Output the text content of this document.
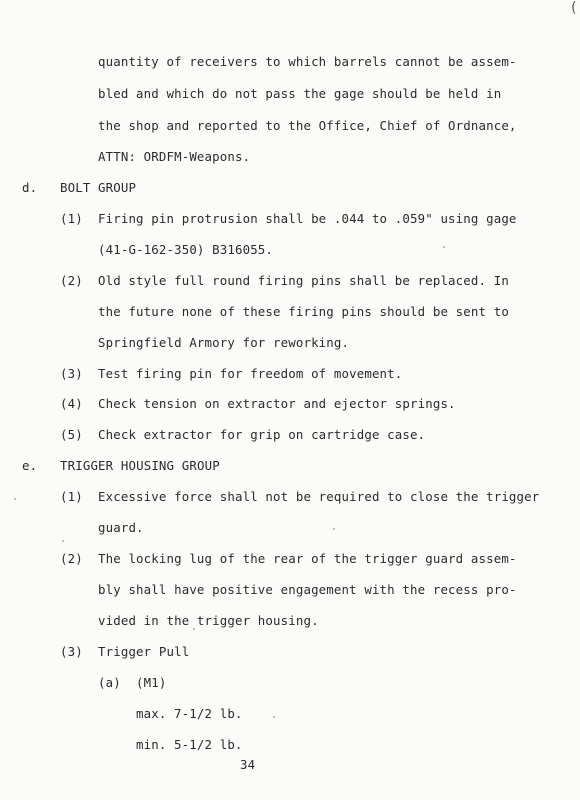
(
quantity of receivers to which barrels cannot be assem-
bled and which do not pass the gage should be held in
the shop and reported to the Office, Chief of Ordnance,
ATTN: ORDFM-Weapons.
d. BOLT GROUP
(1) Firing pin protrusion shall be .044 to .059" using gage
(41-G-162-350) B316055.
(2) Old style full round firing pins shall be replaced. In
the future none of these firing pins should be sent to
Springfield Armory for reworking.
(3) Test firing pin for freedom of movement.
(4) Check tension on extractor and ejector springs.
(5) Check extractor for grip on cartridge case.
e. TRIGGER HOUSING GROUP
(1) Excessive force shall not be required to close the trigger
guard.
(2) The locking lug of the rear of the trigger guard assem-
bly shall have positive engagement with the recess pro-
vided in the trigger housing.
(3) Trigger Pull
(a) (M1)
max. 7-1/2 lb.
min. 5-1/2 lb.
34
